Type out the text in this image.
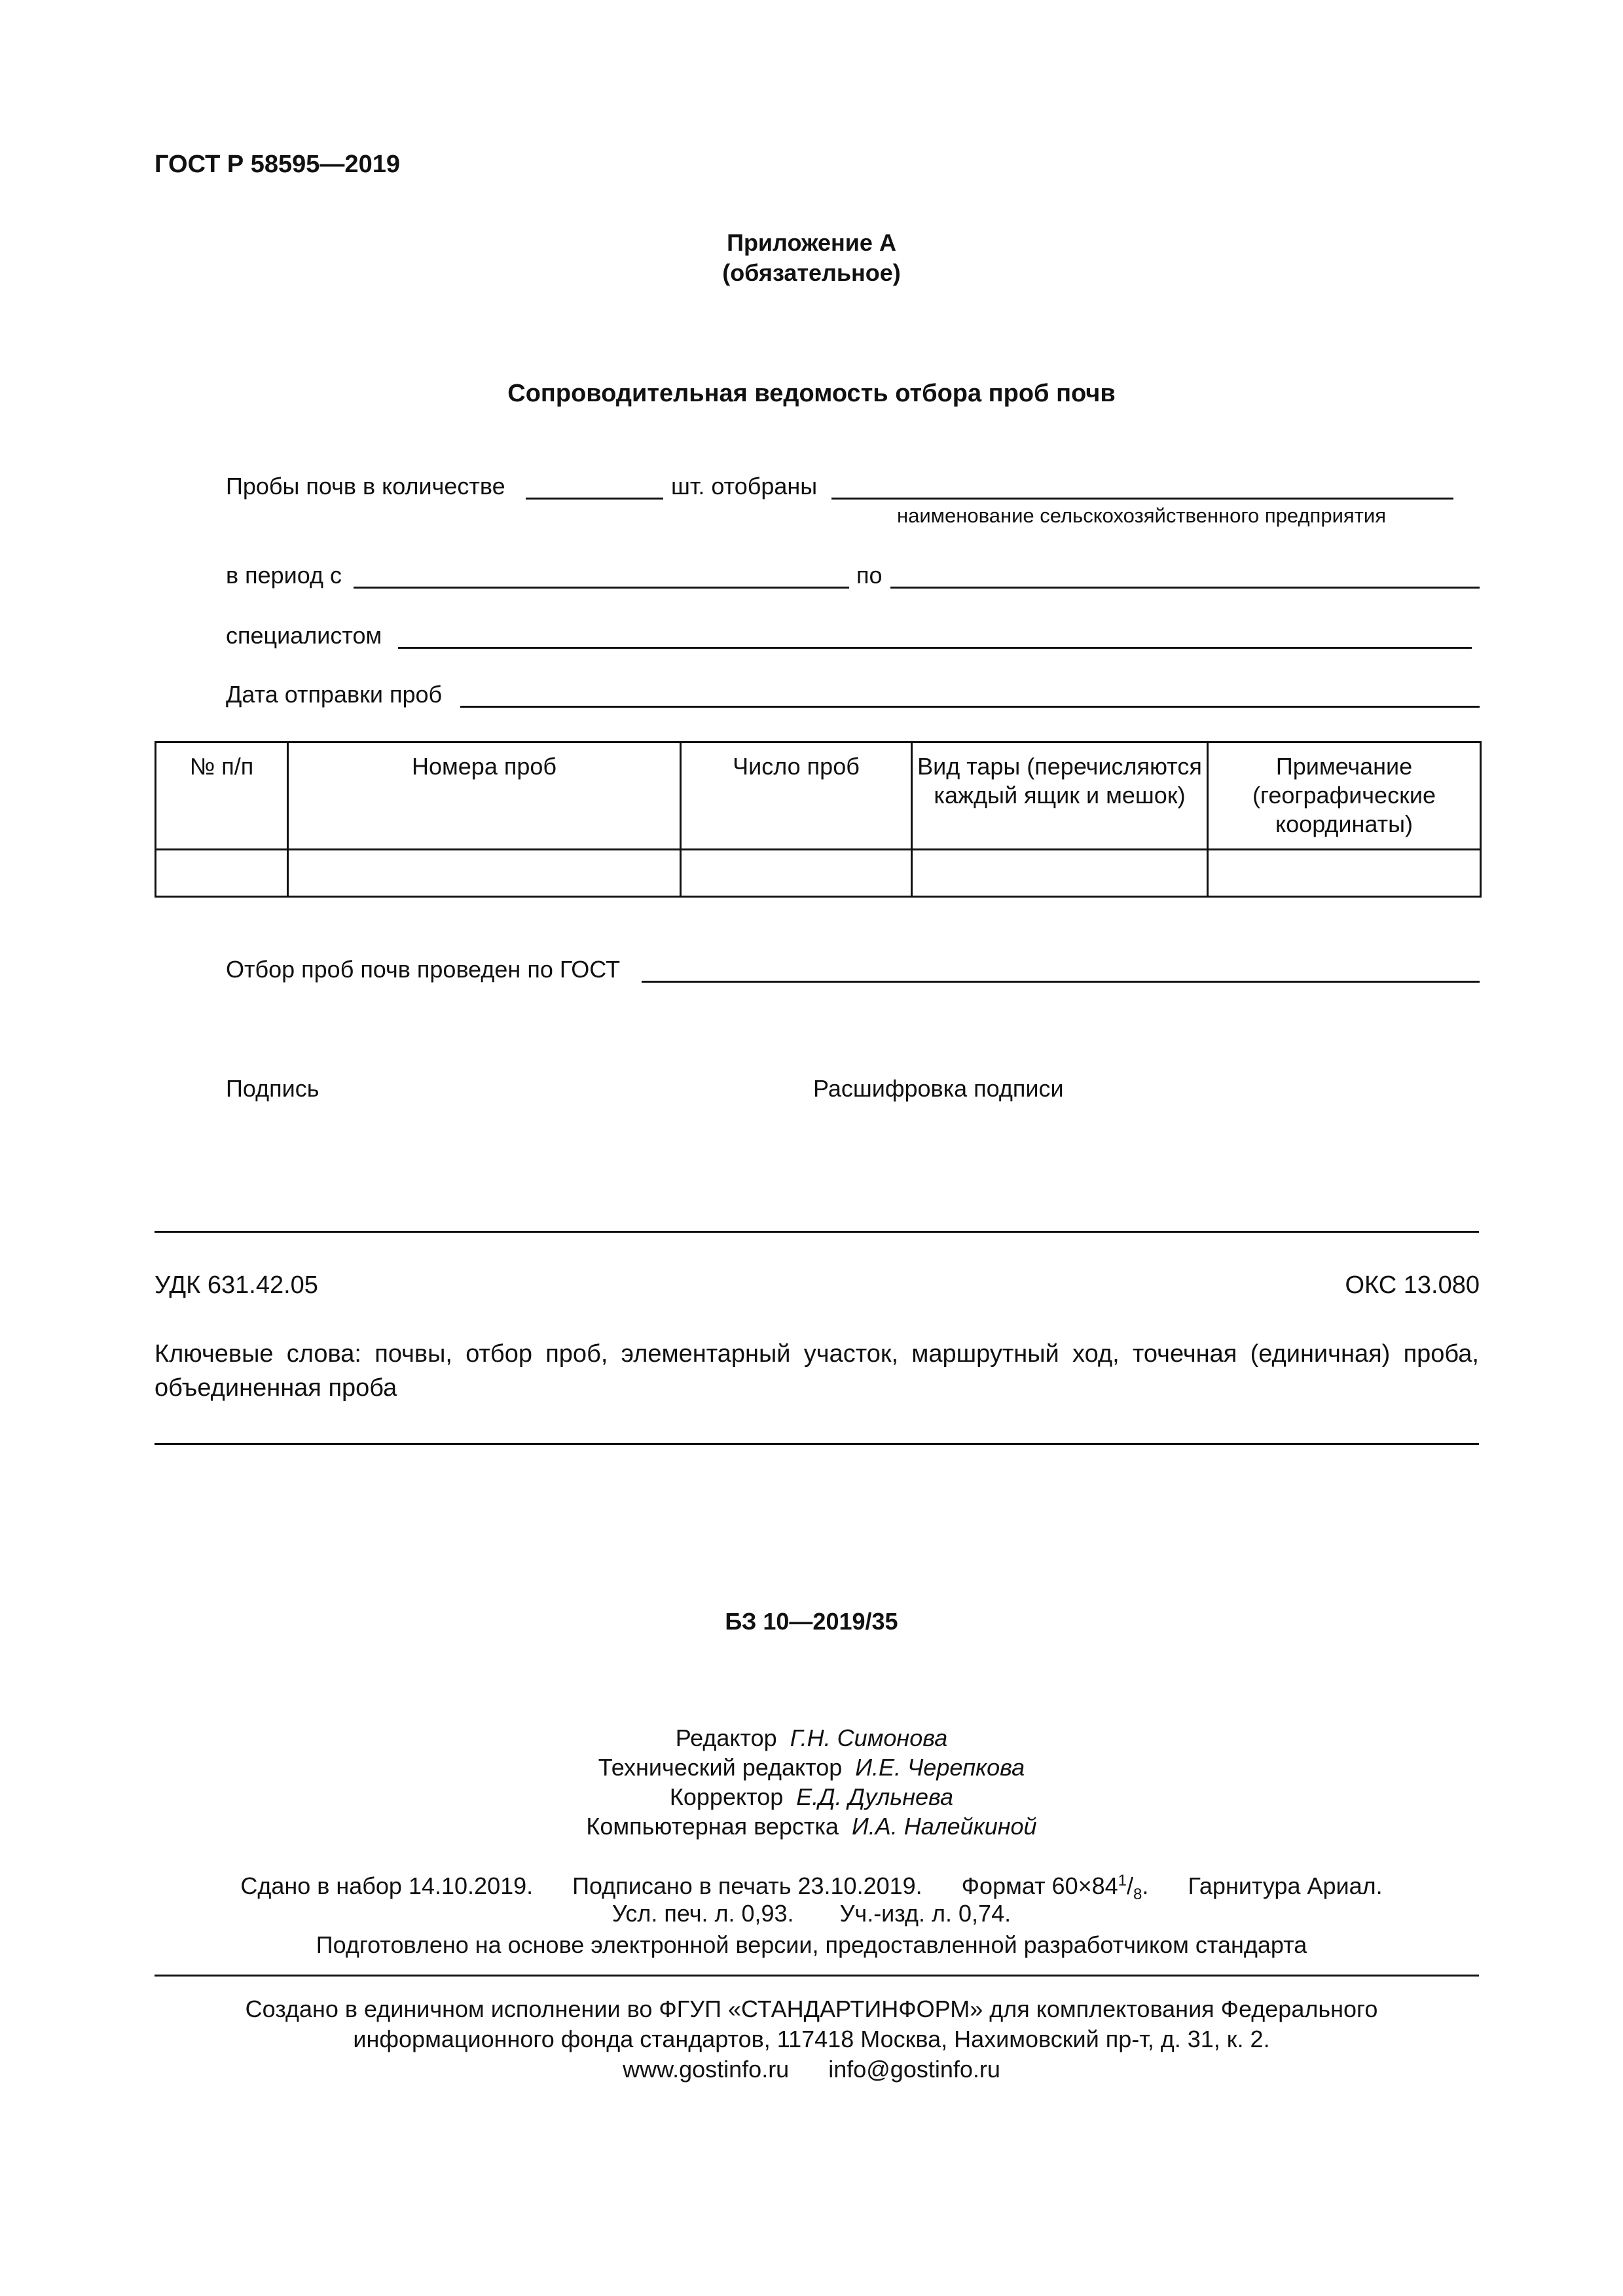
ГОСТ Р 58595—2019
Приложение А
(обязательное)
Сопроводительная ведомость отбора проб почв
Пробы почв в количестве	шт. отобраны
наименование сельскохозяйственного предприятия
в период с	по
специалистом
Дата отправки проб
№ п/п	Номера проб	Число проб	Вид тары (перечисляются каждый ящик и мешок)	Примечание (географические координаты)

Отбор проб почв проведен по ГОСТ
Подпись	Расшифровка подписи
УДК 631.42.05	ОКС 13.080
Ключевые слова: почвы, отбор проб, элементарный участок, маршрутный ход, точечная (единичная) проба, объединенная проба
БЗ 10—2019/35
Редактор Г.Н. Симонова
Технический редактор И.Е. Черепкова
Корректор Е.Д. Дульнева
Компьютерная верстка И.А. Налейкиной
Сдано в набор 14.10.2019. Подписано в печать 23.10.2019. Формат $60\times 84^1/_8$. Гарнитура Ариал.
Усл. печ. л. 0,93. Уч.-изд. л. 0,74.
Подготовлено на основе электронной версии, предоставленной разработчиком стандарта
Создано в единичном исполнении во ФГУП «СТАНДАРТИНФОРМ» для комплектования Федерального
информационного фонда стандартов, 117418 Москва, Нахимовский пр-т, д. 31, к. 2.
www.gostinfo.ru info@gostinfo.ru
